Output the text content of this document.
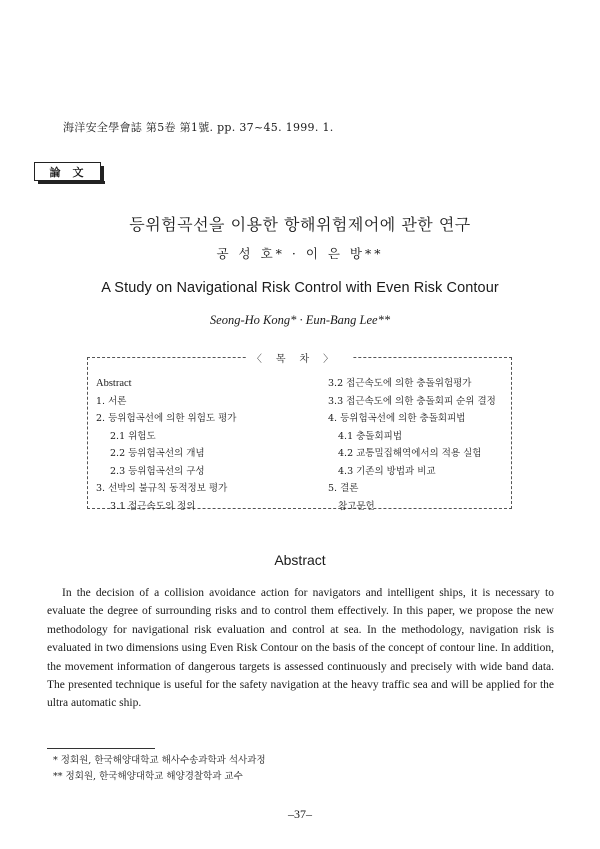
海洋安全學會誌 第5卷 第1號. pp. 37~45. 1999. 1.
論文
등위험곡선을 이용한 항해위험제어에 관한 연구
공 성 호* · 이 은 방**
A Study on Navigational Risk Control with Even Risk Contour
Seong-Ho Kong* · Eun-Bang Lee**
〈목차〉
Abstract
1. 서론
2. 등위험곡선에 의한 위험도 평가
2.1 위험도
2.2 등위험곡선의 개념
2.3 등위험곡선의 구성
3. 선박의 불규칙 동적정보 평가
3.1 접근속도의 정의
3.2 접근속도에 의한 충돌위험평가
3.3 접근속도에 의한 충돌회피 순위 결정
4. 등위험곡선에 의한 충돌회피법
4.1 충돌회피법
4.2 교통밀집해역에서의 적용 실험
4.3 기존의 방법과 비교
5. 결론
참고문헌
Abstract

In the decision of a collision avoidance action for navigators and intelligent ships, it is necessary to evaluate the degree of surrounding risks and to control them effectively. In this paper, we propose the new methodology for navigational risk evaluation and control at sea. In the methodology, navigation risk is evaluated in two dimensions using Even Risk Contour on the basis of the concept of contour line. In addition, the movement information of dangerous targets is assessed continuously and precisely with wide band data. The presented technique is useful for the safety navigation at the heavy traffic sea and will be applied for the ultra automatic ship.

* 정회원, 한국해양대학교 해사수송과학과 석사과정
** 정회원, 한국해양대학교 해양경찰학과 교수
–37–
